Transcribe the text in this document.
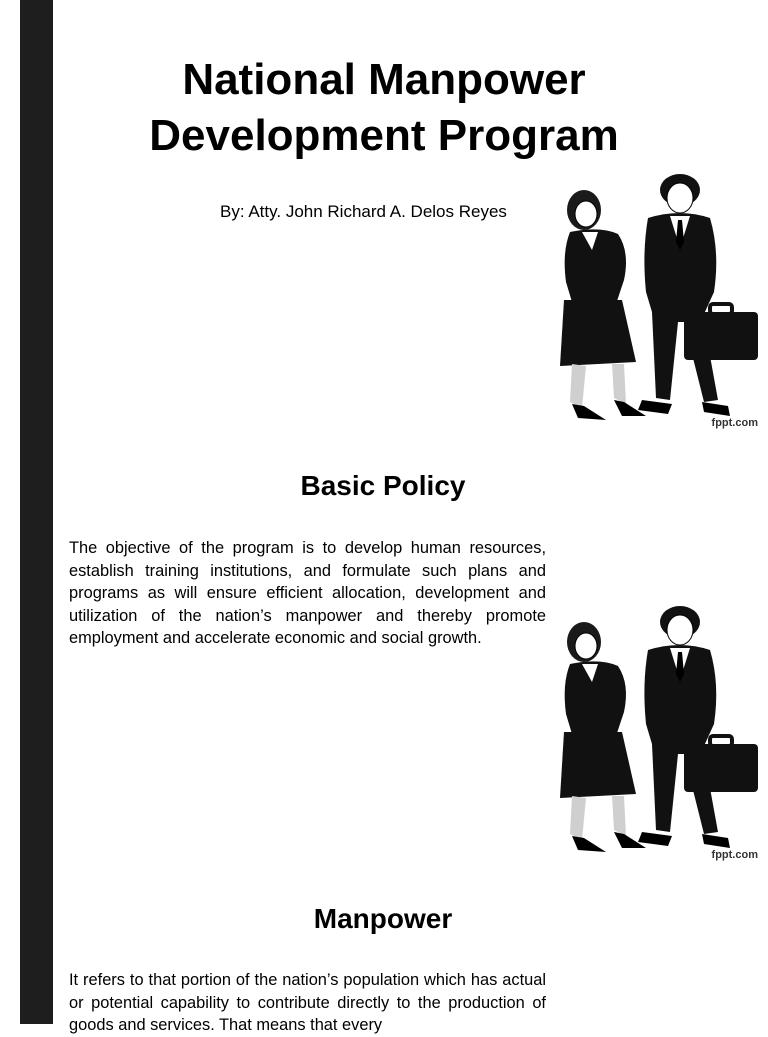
National Manpower
Development Program

By: Atty. John Richard A. Delos Reyes

fppt.com
Basic Policy

The objective of the program is to develop human resources, establish training institutions, and formulate such plans and programs as will ensure efficient allocation, development and utilization of the nation’s manpower and thereby promote employment and accelerate economic and social growth.

fppt.com
Manpower

It refers to that portion of the nation’s population which has actual or potential capability to contribute directly to the production of goods and services. That means that every
